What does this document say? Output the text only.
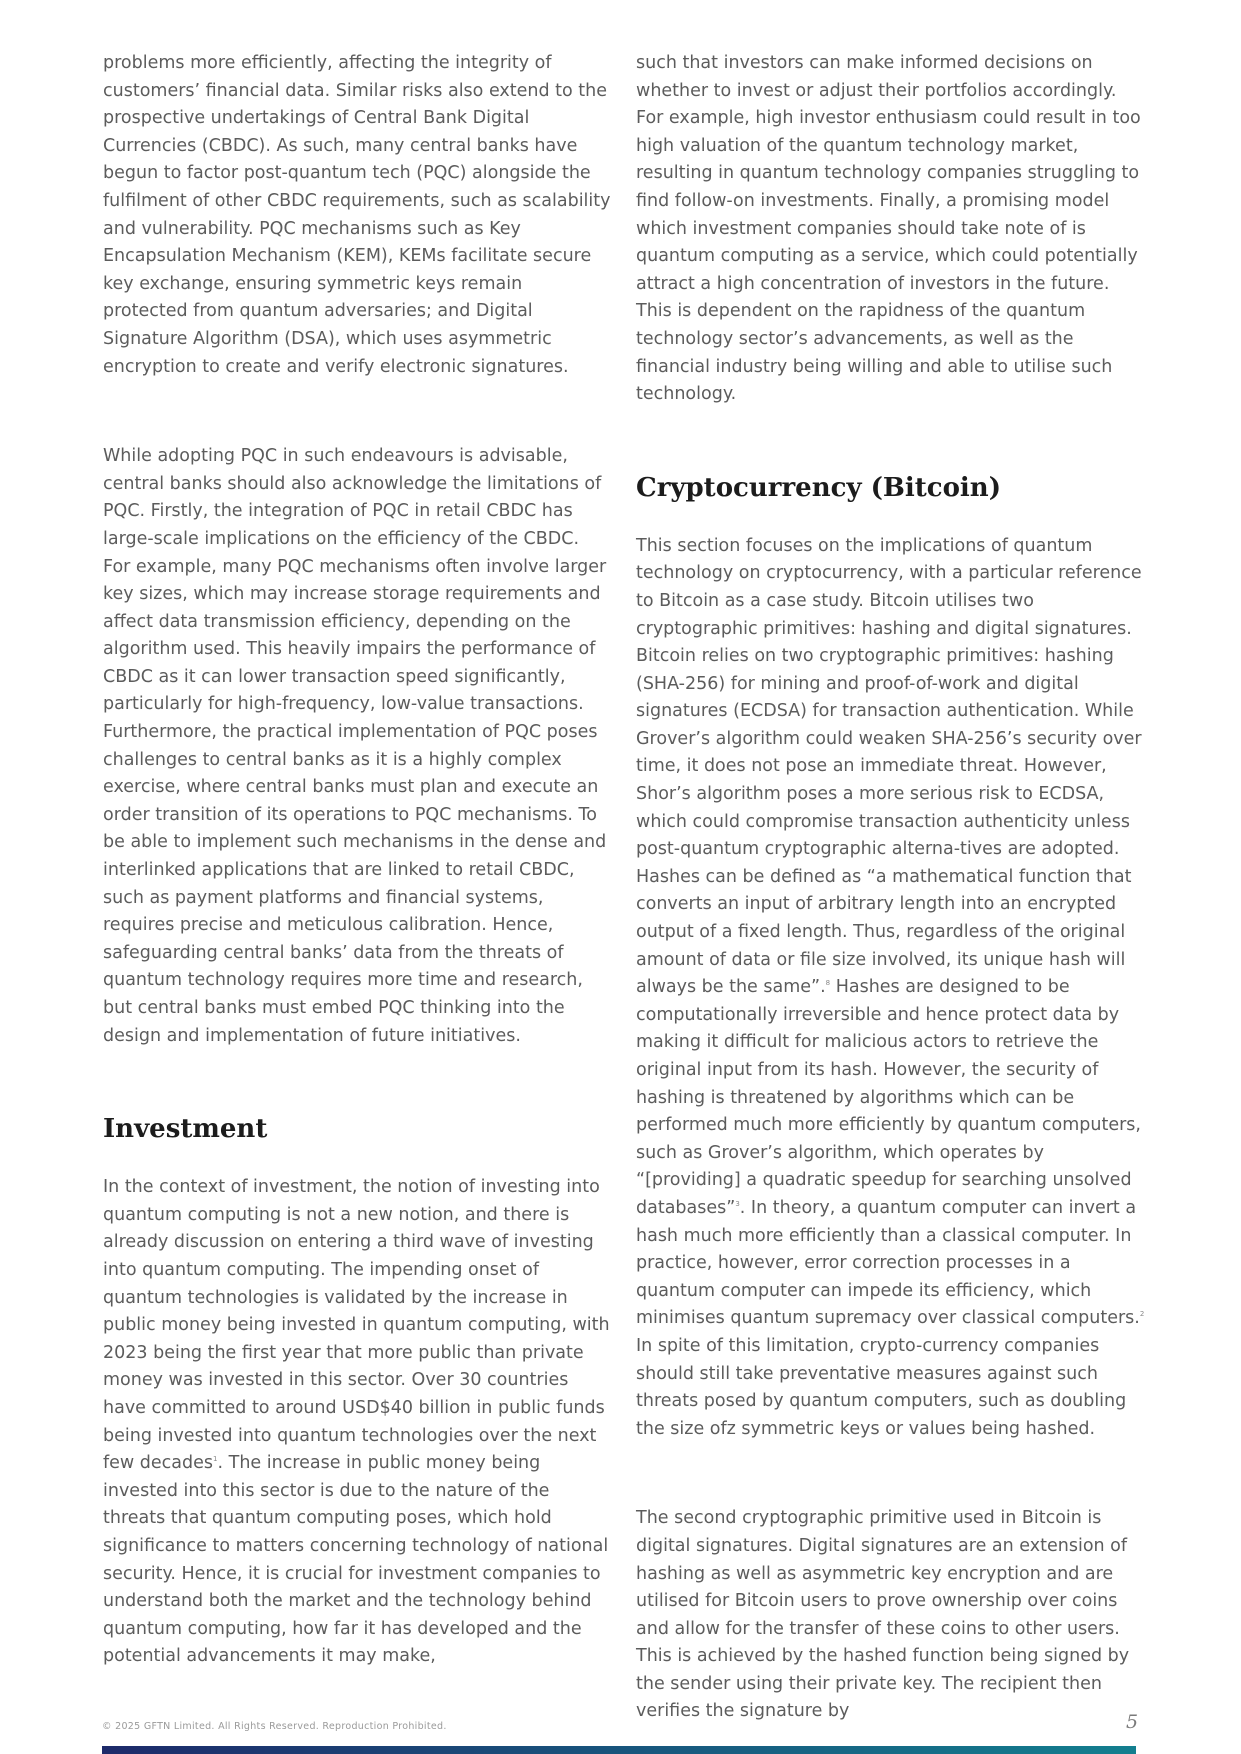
problems more efficiently, affecting the integrity of customers’ financial data. Similar risks also extend to the prospective undertakings of Central Bank Digital Currencies (CBDC). As such, many central banks have begun to factor post-quantum tech (PQC) alongside the fulfilment of other CBDC requirements, such as scalability and vulnerability. PQC mechanisms such as Key Encapsulation Mechanism (KEM), KEMs facilitate secure key exchange, ensuring symmetric keys remain protected from quantum adversaries; and Digital Signature Algorithm (DSA), which uses asymmetric encryption to create and verify electronic signatures.

While adopting PQC in such endeavours is advisable, central banks should also acknowledge the limitations of PQC. Firstly, the integration of PQC in retail CBDC has large-scale implications on the efficiency of the CBDC. For example, many PQC mechanisms often involve larger key sizes, which may increase storage requirements and affect data transmission efficiency, depending on the algorithm used. This heavily impairs the performance of CBDC as it can lower transaction speed significantly, particularly for high-frequency, low-value transactions. Furthermore, the practical implementation of PQC poses challenges to central banks as it is a highly complex exercise, where central banks must plan and execute an order transition of its operations to PQC mechanisms. To be able to implement such mechanisms in the dense and interlinked applications that are linked to retail CBDC, such as payment platforms and financial systems, requires precise and meticulous calibration. Hence, safeguarding central banks’ data from the threats of quantum technology requires more time and research, but central banks must embed PQC thinking into the design and implementation of future initiatives.

Investment

In the context of investment, the notion of investing into quantum computing is not a new notion, and there is already discussion on entering a third wave of investing into quantum computing. The impending onset of quantum technologies is validated by the increase in public money being invested in quantum computing, with 2023 being the first year that more public than private money was invested in this sector. Over 30 countries have committed to around USD$40 billion in public funds being invested into quantum technologies over the next few decades$^1$. The increase in public money being invested into this sector is due to the nature of the threats that quantum computing poses, which hold significance to matters concerning technology of national security. Hence, it is crucial for investment companies to understand both the market and the technology behind quantum computing, how far it has developed and the potential advancements it may make,

such that investors can make informed decisions on whether to invest or adjust their portfolios accordingly. For example, high investor enthusiasm could result in too high valuation of the quantum technology market, resulting in quantum technology companies struggling to find follow-on investments. Finally, a promising model which investment companies should take note of is quantum computing as a service, which could potentially attract a high concentration of investors in the future. This is dependent on the rapidness of the quantum technology sector’s advancements, as well as the financial industry being willing and able to utilise such technology.

Cryptocurrency (Bitcoin)

This section focuses on the implications of quantum technology on cryptocurrency, with a particular reference to Bitcoin as a case study. Bitcoin utilises two cryptographic primitives: hashing and digital signatures. Bitcoin relies on two cryptographic primitives: hashing (SHA-256) for mining and proof-of-work and digital signatures (ECDSA) for transaction authentication. While Grover’s algorithm could weaken SHA-256’s security over time, it does not pose an immediate threat. However, Shor’s algorithm poses a more serious risk to ECDSA, which could compromise transaction authenticity unless post-quantum cryptographic alterna-tives are adopted. Hashes can be defined as “a mathematical function that converts an input of arbitrary length into an encrypted output of a fixed length. Thus, regardless of the original amount of data or file size involved, its unique hash will always be the same”.$^8$ Hashes are designed to be computationally irreversible and hence protect data by making it difficult for malicious actors to retrieve the original input from its hash. However, the security of hashing is threatened by algorithms which can be performed much more efficiently by quantum computers, such as Grover’s algorithm, which operates by “[providing] a quadratic speedup for searching unsolved databases”$^3$. In theory, a quantum computer can invert a hash much more efficiently than a classical computer. In practice, however, error correction processes in a quantum computer can impede its efficiency, which minimises quantum supremacy over classical computers.$^2$ In spite of this limitation, crypto-currency companies should still take preventative measures against such threats posed by quantum computers, such as doubling the size ofz symmetric keys or values being hashed.

The second cryptographic primitive used in Bitcoin is digital signatures. Digital signatures are an extension of hashing as well as asymmetric key encryption and are utilised for Bitcoin users to prove ownership over coins and allow for the transfer of these coins to other users. This is achieved by the hashed function being signed by the sender using their private key. The recipient then verifies the signature by

© 2025 GFTN Limited. All Rights Reserved. Reproduction Prohibited.	5
